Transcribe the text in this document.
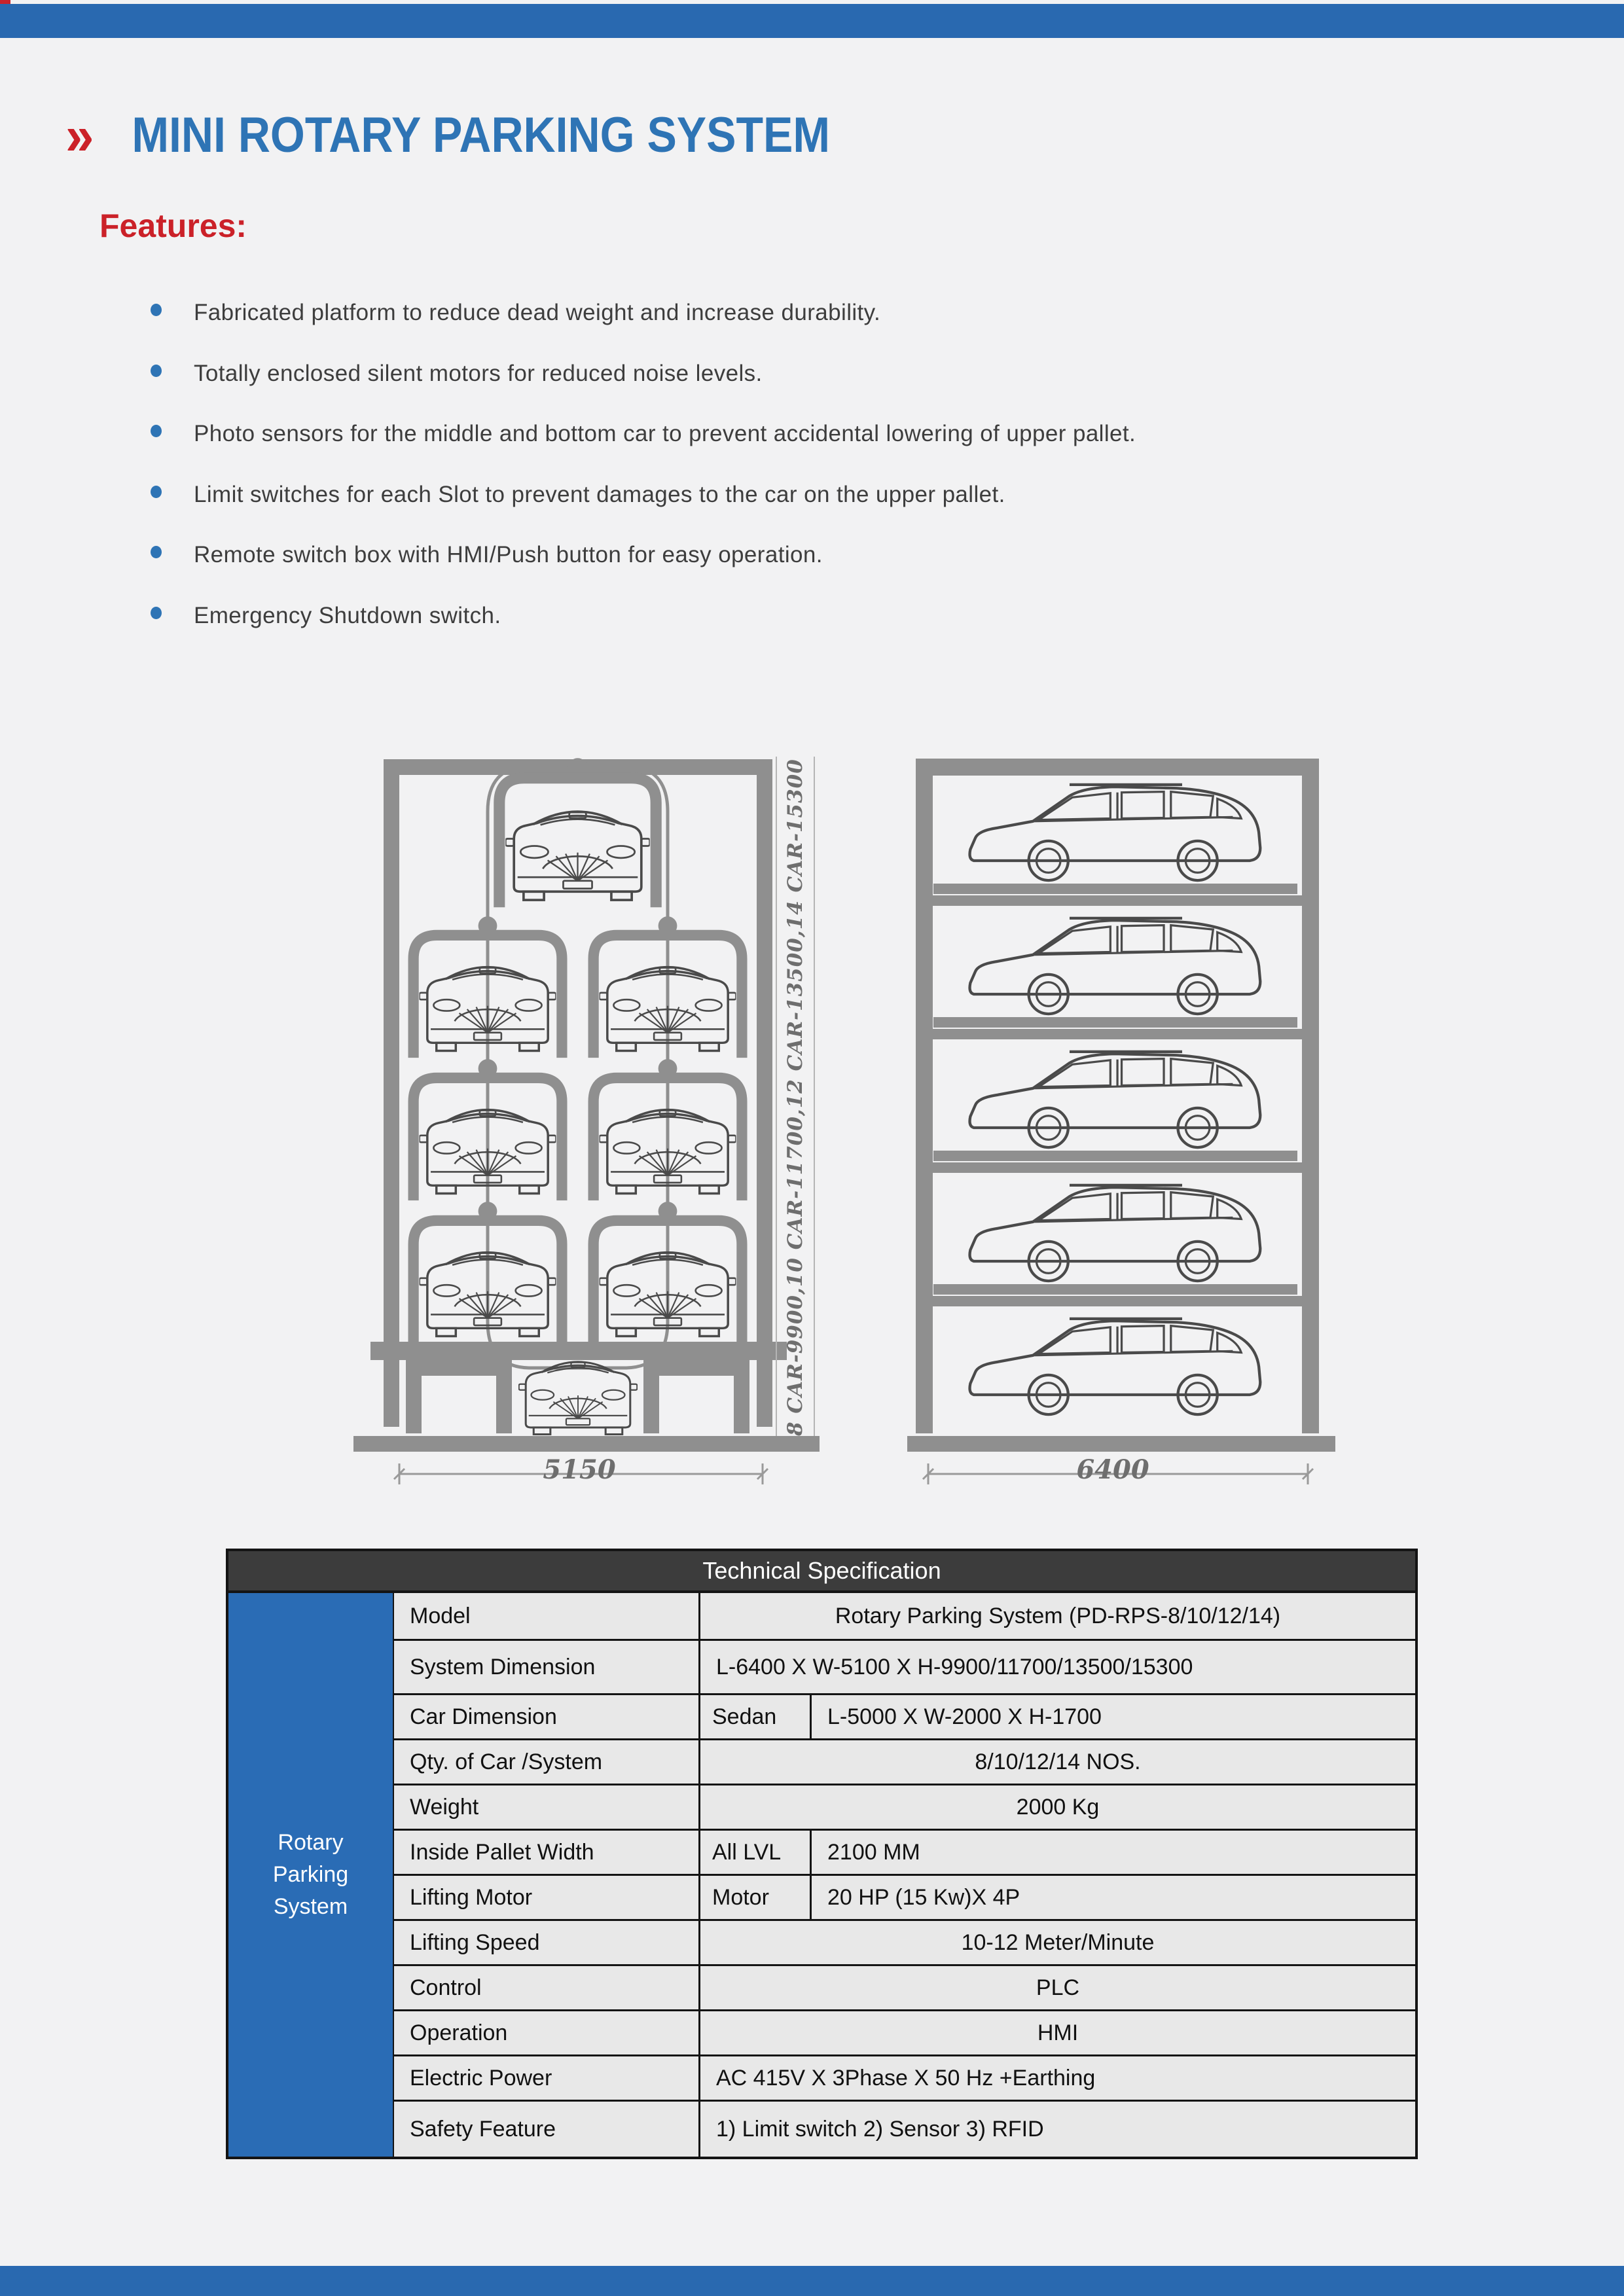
» MINI ROTARY PARKING SYSTEM
Features:
Fabricated platform to reduce dead weight and increase durability.
Totally enclosed silent motors for reduced noise levels.
Photo sensors for the middle and bottom car to prevent accidental lowering of upper pallet.
Limit switches for each Slot to prevent damages to the car on the upper pallet.
Remote switch box with HMI/Push button for easy operation.
Emergency Shutdown switch.
8 CAR-9900,10 CAR-11700,12 CAR-13500,14 CAR-15300
5150	6400
Technical Specification
Rotary Parking System
Model	Rotary Parking System (PD-RPS-8/10/12/14)
System Dimension	L-6400 X W-5100 X H-9900/11700/13500/15300
Car Dimension	Sedan	L-5000 X W-2000 X H-1700
Qty. of Car /System	8/10/12/14 NOS.
Weight	2000 Kg
Inside Pallet Width	All LVL	2100 MM
Lifting Motor	Motor	20 HP (15 Kw)X 4P
Lifting Speed	10-12 Meter/Minute
Control	PLC
Operation	HMI
Electric Power	AC 415V X 3Phase X 50 Hz +Earthing
Safety Feature	1) Limit switch 2) Sensor 3) RFID
